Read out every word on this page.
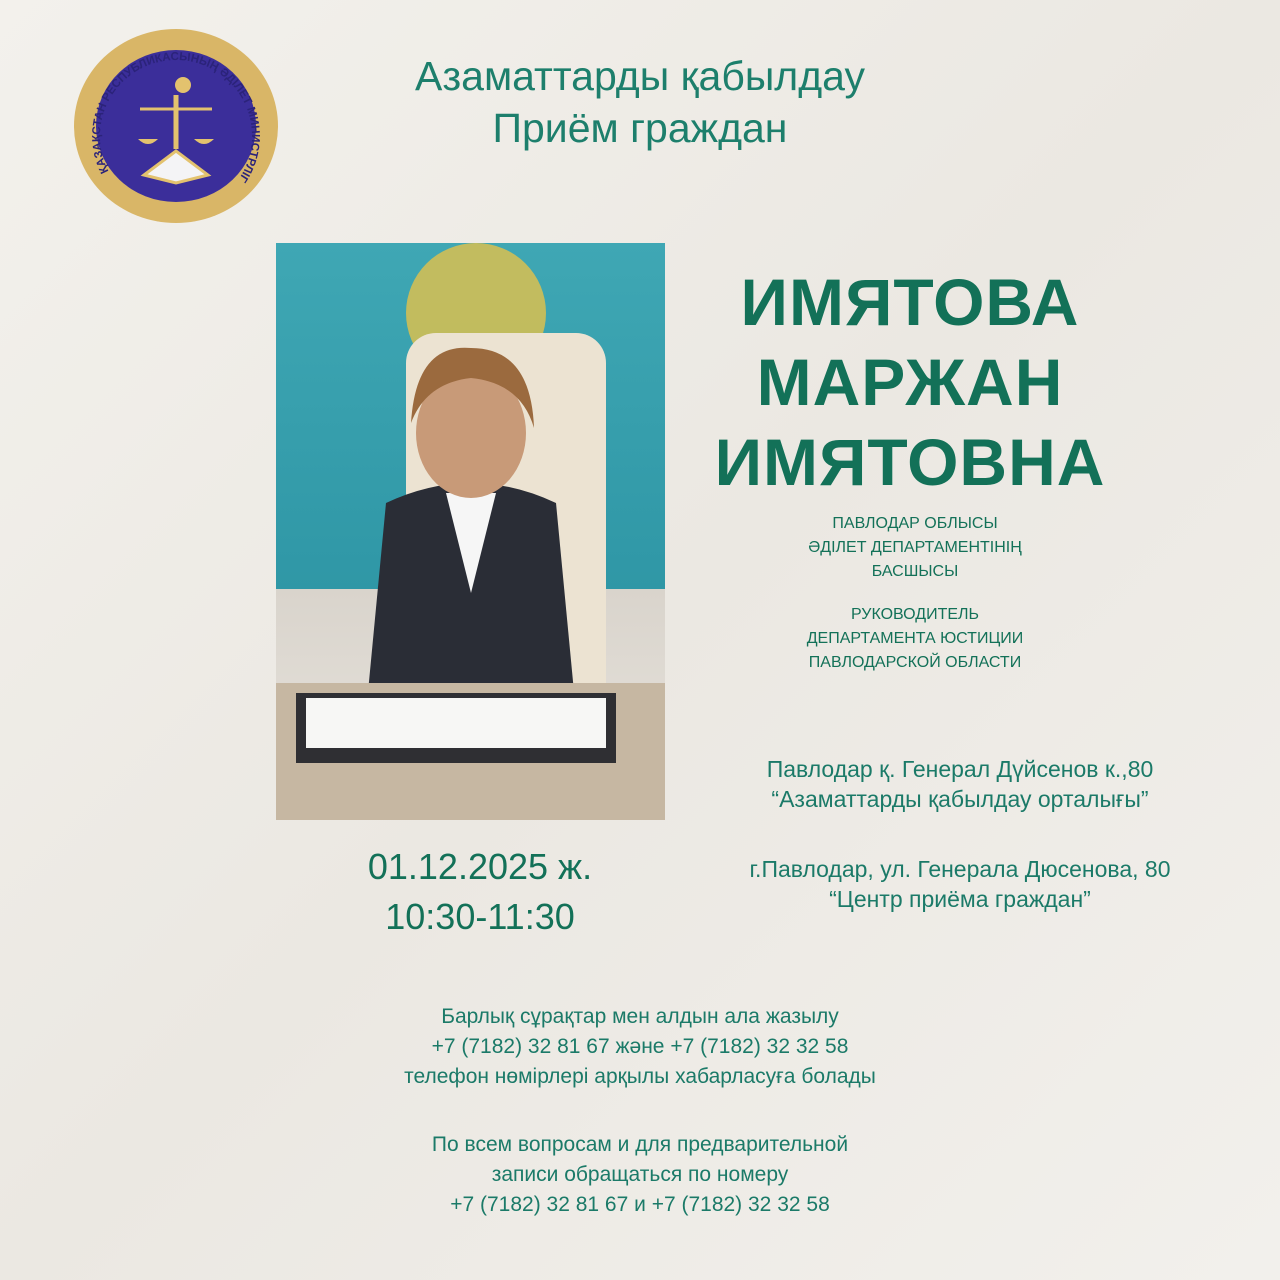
ҚАЗАҚСТАН РЕСПУБЛИКАСЫНЫҢ ӘДІЛЕТ МИНИСТРЛІГ
Азаматтарды қабылдау
Приём граждан
ИМЯТОВА
МАРЖАН
ИМЯТОВНА
ПАВЛОДАР ОБЛЫСЫ
ӘДІЛЕТ ДЕПАРТАМЕНТІНІҢ
БАСШЫСЫ
РУКОВОДИТЕЛЬ
ДЕПАРТАМЕНТА ЮСТИЦИИ
ПАВЛОДАРСКОЙ ОБЛАСТИ
Павлодар қ. Генерал Дүйсенов к.,80
“Азаматтарды қабылдау орталығы”
г.Павлодар, ул. Генерала Дюсенова, 80
“Центр приёма граждан”
01.12.2025 ж.
10:30-11:30
Барлық сұрақтар мен алдын ала жазылу
+7 (7182) 32 81 67 және +7 (7182) 32 32 58
телефон нөмірлері арқылы хабарласуға болады
По всем вопросам и для предварительной
записи обращаться по номеру
+7 (7182) 32 81 67 и +7 (7182) 32 32 58
